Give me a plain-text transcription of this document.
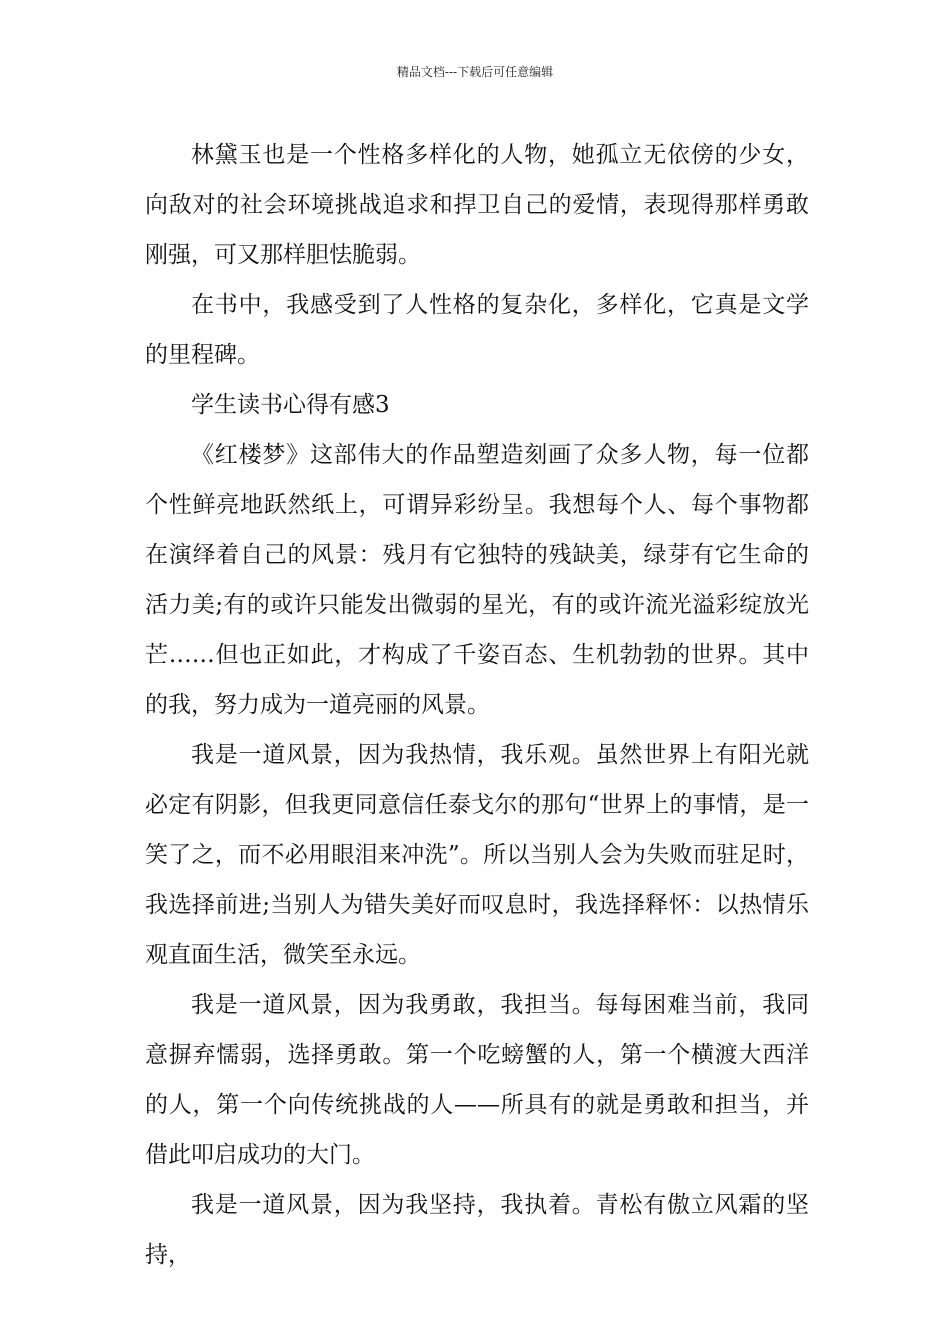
精品文档---下载后可任意编辑

林黛玉也是一个性格多样化的人物，她孤立无依傍的少女，向敌对的社会环境挑战追求和捍卫自己的爱情，表现得那样勇敢刚强，可又那样胆怯脆弱。

在书中，我感受到了人性格的复杂化，多样化，它真是文学的里程碑。

学生读书心得有感3

《红楼梦》这部伟大的作品塑造刻画了众多人物，每一位都个性鲜亮地跃然纸上，可谓异彩纷呈。我想每个人、每个事物都在演绎着自己的风景：残月有它独特的残缺美，绿芽有它生命的活力美;有的或许只能发出微弱的星光，有的或许流光溢彩绽放光芒……但也正如此，才构成了千姿百态、生机勃勃的世界。其中的我，努力成为一道亮丽的风景。

我是一道风景，因为我热情，我乐观。虽然世界上有阳光就必定有阴影，但我更同意信任泰戈尔的那句“世界上的事情，是一笑了之，而不必用眼泪来冲洗”。所以当别人会为失败而驻足时，我选择前进;当别人为错失美好而叹息时，我选择释怀：以热情乐观直面生活，微笑至永远。

我是一道风景，因为我勇敢，我担当。每每困难当前，我同意摒弃懦弱，选择勇敢。第一个吃螃蟹的人，第一个横渡大西洋的人，第一个向传统挑战的人——所具有的就是勇敢和担当，并借此叩启成功的大门。

我是一道风景，因为我坚持，我执着。青松有傲立风霜的坚持，
